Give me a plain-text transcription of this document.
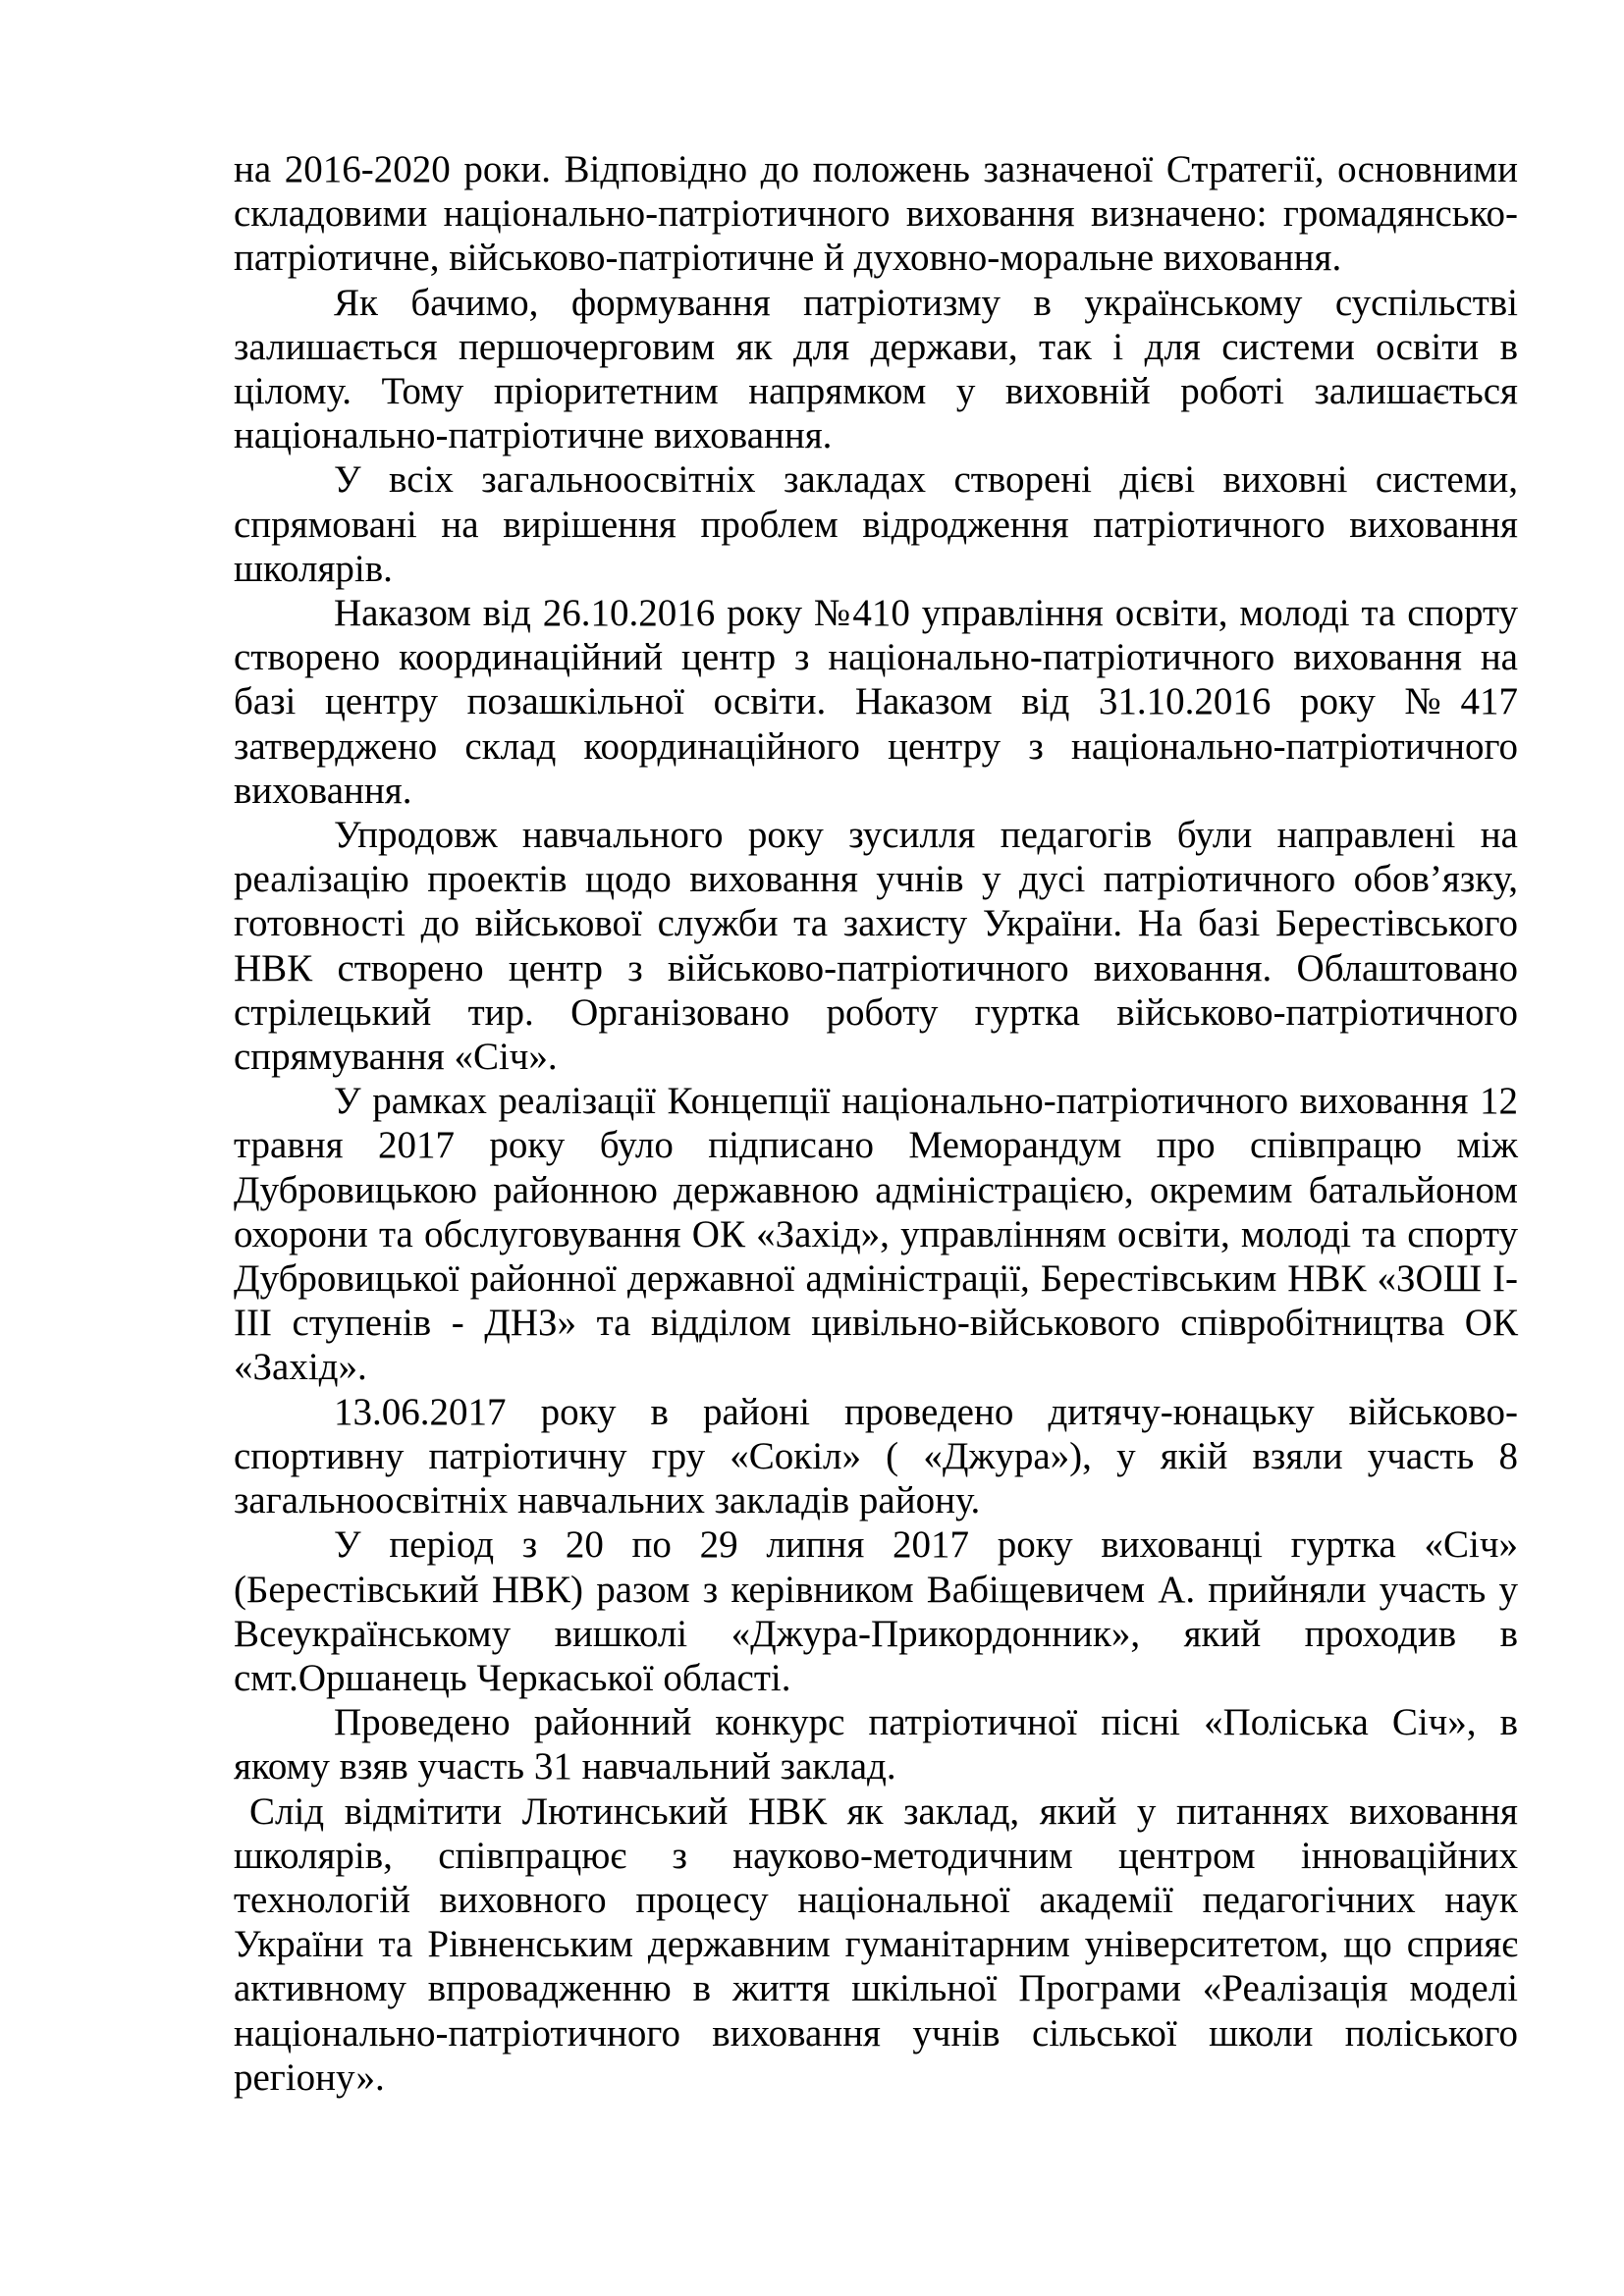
на 2016-2020 роки. Відповідно до положень зазначеної Стратегії, основними складовими національно-патріотичного виховання визначено: громадянсько-патріотичне, військово-патріотичне й духовно-моральне виховання.

Як бачимо, формування патріотизму в українському суспільстві залишається першочерговим як для держави, так і для системи освіти в цілому. Тому пріоритетним напрямком у виховній роботі залишається національно-патріотичне виховання.

У всіх загальноосвітніх закладах створені дієві виховні системи, спрямовані на вирішення проблем відродження патріотичного виховання школярів.

Наказом від 26.10.2016 року №410 управління освіти, молоді та спорту створено координаційний центр з національно-патріотичного виховання на базі центру позашкільної освіти. Наказом від 31.10.2016 року №417 затверджено склад координаційного центру з національно-патріотичного виховання.

Упродовж навчального року зусилля педагогів були направлені на реалізацію проектів щодо виховання учнів у дусі патріотичного обов’язку, готовності до військової служби та захисту України. На базі Берестівського НВК створено центр з військово-патріотичного виховання. Облаштовано стрілецький тир. Організовано роботу гуртка військово-патріотичного спрямування «Січ».

У рамках реалізації Концепції національно-патріотичного виховання 12 травня 2017 року було підписано Меморандум про співпрацю між Дубровицькою районною державною адміністрацією, окремим батальйоном охорони та обслуговування ОК «Захід», управлінням освіти, молоді та спорту Дубровицької районної державної адміністрації, Берестівським НВК «ЗОШ І-ІІІ ступенів - ДНЗ» та відділом цивільно-військового співробітництва ОК «Захід».

13.06.2017 року в районі проведено дитячу-юнацьку військово-спортивну патріотичну гру «Сокіл» ( «Джура»), у якій взяли участь 8 загальноосвітніх навчальних закладів району.

У період з 20 по 29 липня 2017 року вихованці гуртка «Січ» (Берестівський НВК) разом з керівником Вабіщевичем А. прийняли участь у Всеукраїнському вишколі «Джура-Прикордонник», який проходив в смт.Оршанець Черкаської області.

Проведено районний конкурс патріотичної пісні «Поліська Січ», в якому взяв участь 31 навчальний заклад.

Слід відмітити Лютинський НВК як заклад, який у питаннях виховання школярів, співпрацює з науково-методичним центром інноваційних технологій виховного процесу національної академії педагогічних наук України та Рівненським державним гуманітарним університетом, що сприяє активному впровадженню в життя шкільної Програми «Реалізація моделі національно-патріотичного виховання учнів сільської школи поліського регіону».
